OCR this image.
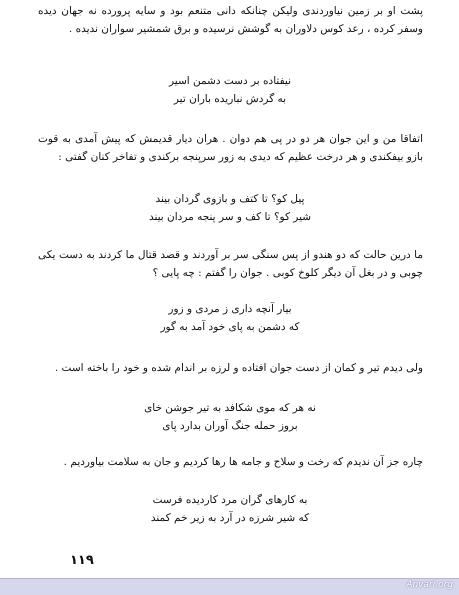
پشت او بر زمین نیاوردندی ولیکن چنانکه دانی متنعم بود و سایه پرورده نه جهان دیده وسفر کرده ، رعد کوس دلاوران به گوشش نرسیده و برق شمشیر سواران ندیده .

نیفتاده بر دست دشمن اسیر
به گردش نباریده باران تیر

اتفاقا من و این جوان هر دو در پی هم دوان . هران دیار قدیمش که پیش آمدی به قوت بازو بیفکندی و هر درخت عظیم که دیدی به زور سرپنجه برکندی و تفاخر کنان گفتی :

پیل کو؟ تا کتف و بازوی گردان بیند
شیر کو؟ تا کف و سر پنجه مردان بیند

ما درین حالت که دو هندو از پس سنگی سر بر آوردند و قصد قتال ما کردند به دست یکی چوبی و در بغل آن دیگر کلوخ کوبی . جوان را گفتم : چه پایی ؟

بیار آنچه داری ز مردی و زور
که دشمن به پای خود آمد به گور

ولی دیدم تیر و کمان از دست جوان افتاده و لرزه بر اندام شده و خود را باخته است .

نه هر که موی شکافد به تیر جوشن خای
بروز حمله جنگ آوران بدارد پای

چاره جز آن ندیدم که رخت و سلاح و جامه ها رها کردیم و جان به سلامت بیاوردیم .

به کارهای گران مرد کاردیده فرست
که شیر شرزه در آرد به زیر خم کمند
۱۱۹
Anvari.org
